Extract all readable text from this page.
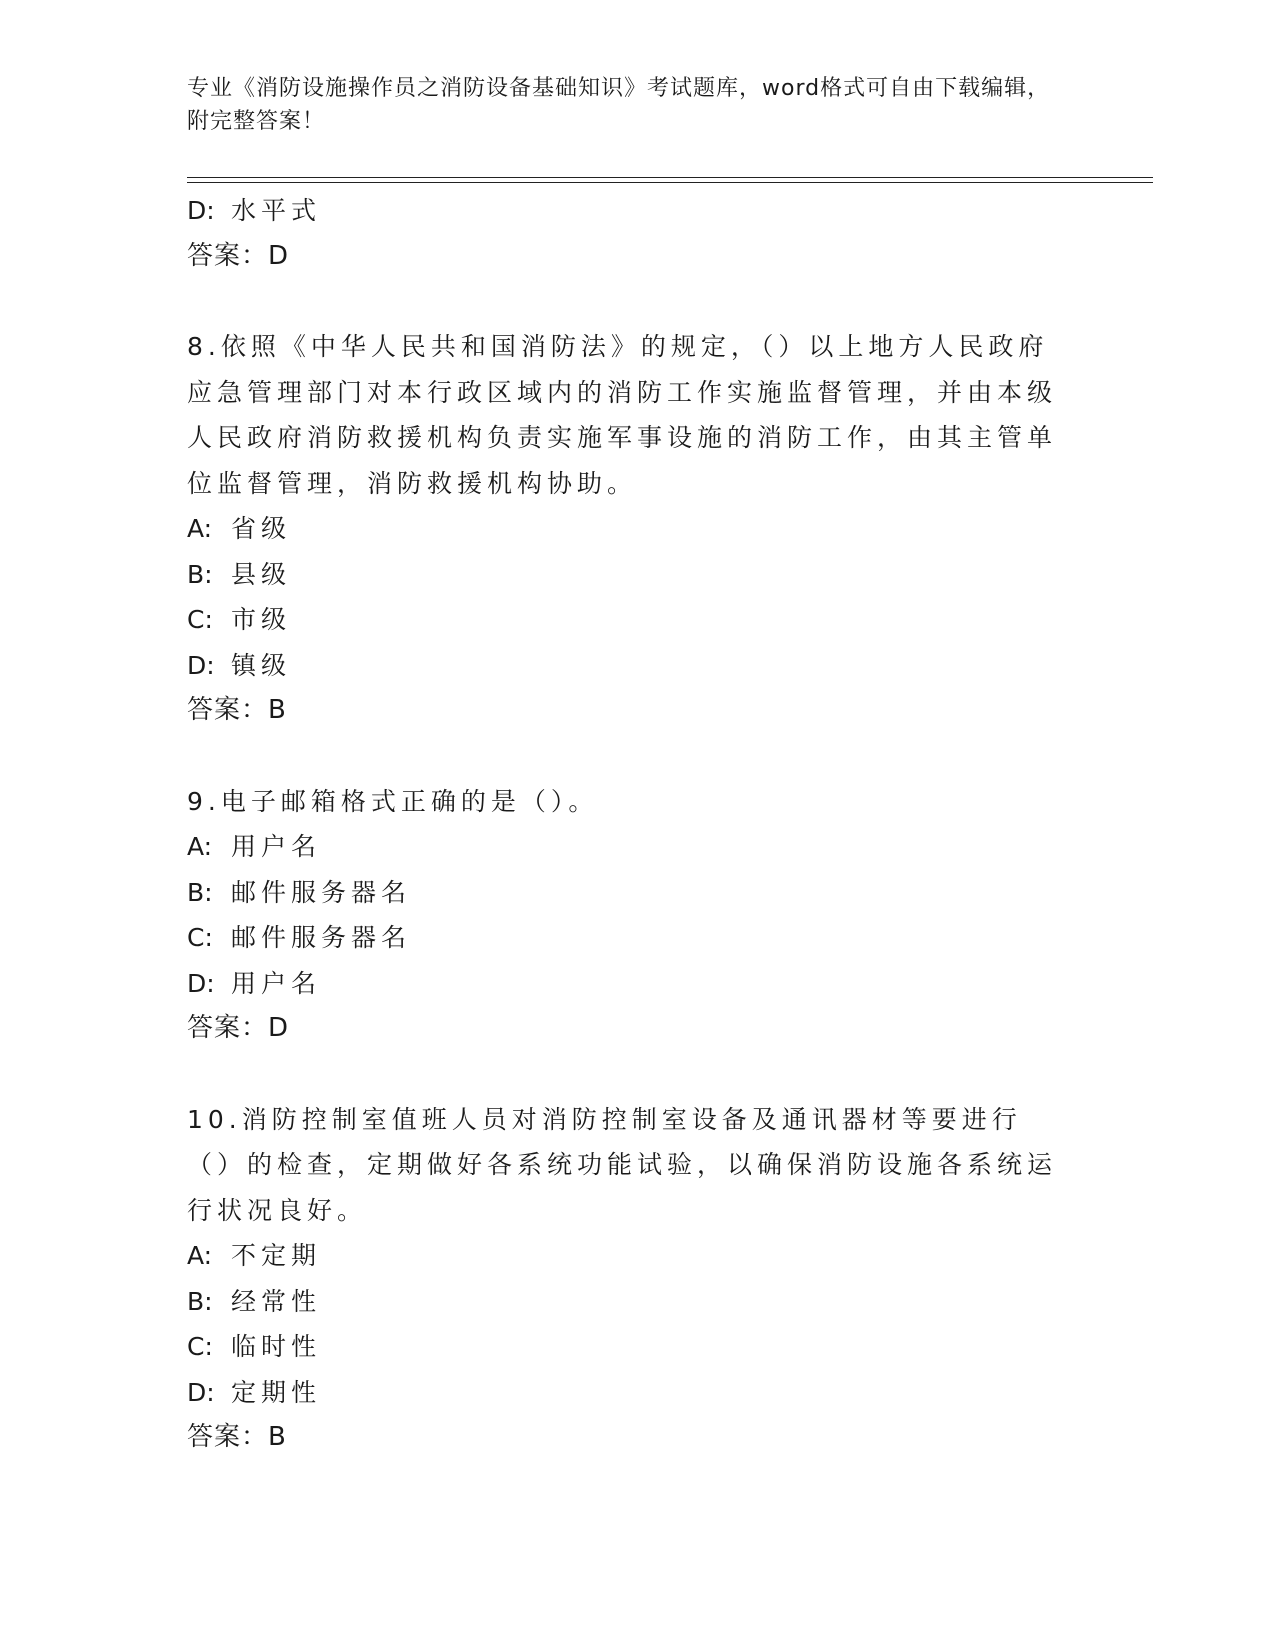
专业《消防设施操作员之消防设备基础知识》考试题库，word格式可自由下载编辑，附完整答案！
D: 水平式
答案：D
8.依照《中华人民共和国消防法》的规定，（）以上地方人民政府应急管理部门对本行政区域内的消防工作实施监督管理，并由本级人民政府消防救援机构负责实施军事设施的消防工作，由其主管单位监督管理，消防救援机构协助。
A: 省级
B: 县级
C: 市级
D: 镇级
答案：B
9.电子邮箱格式正确的是（）。
A: 用户名
B: 邮件服务器名
C: 邮件服务器名
D: 用户名
答案：D
10.消防控制室值班人员对消防控制室设备及通讯器材等要进行（）的检查，定期做好各系统功能试验，以确保消防设施各系统运行状况良好。
A: 不定期
B: 经常性
C: 临时性
D: 定期性
答案：B
